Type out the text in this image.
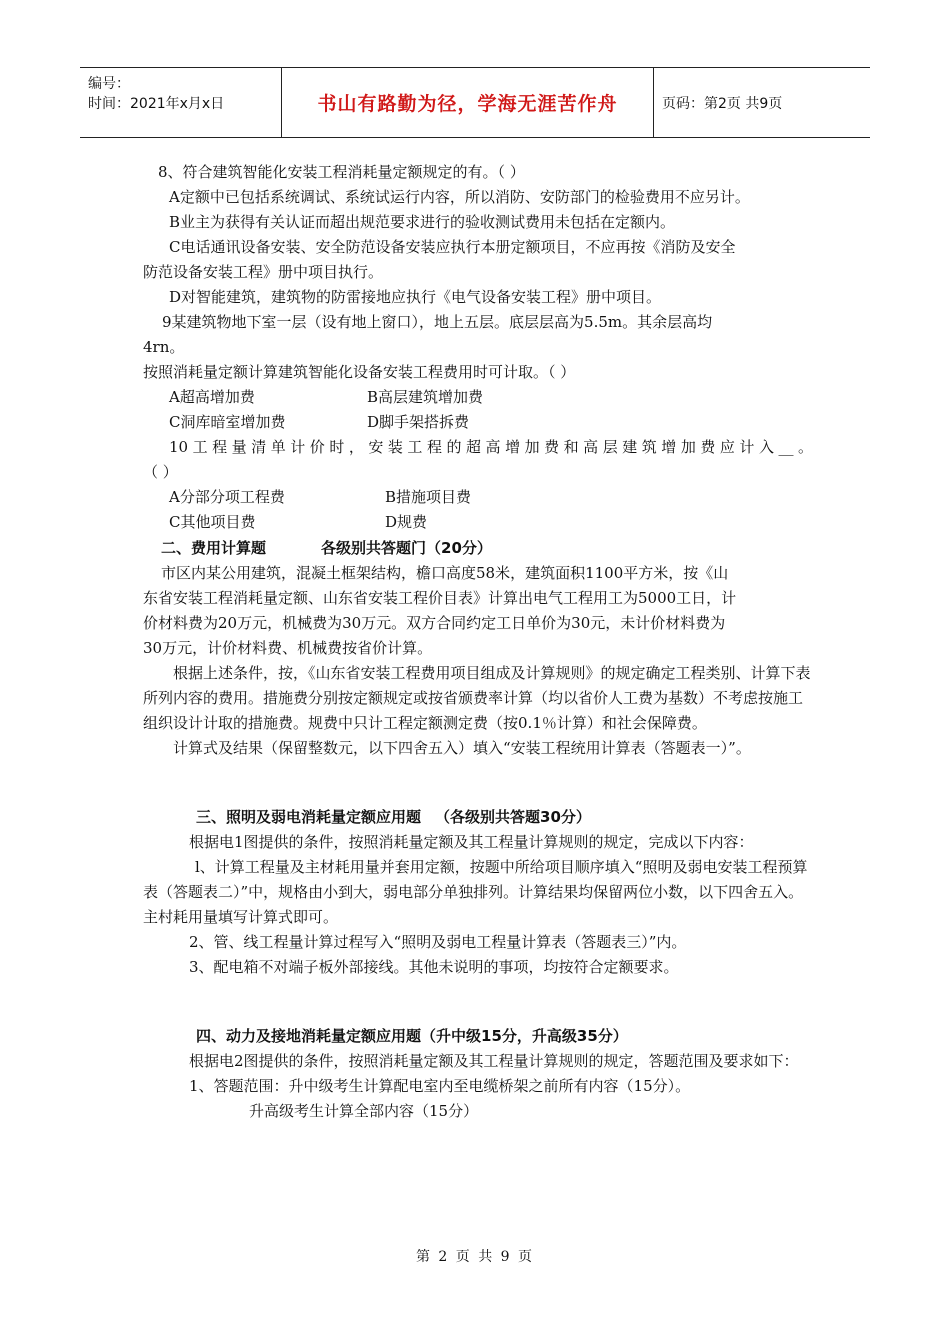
编号：
时间：2021年x月x日	书山有路勤为径，学海无涯苦作舟	页码：第2页 共9页

8、符合建筑智能化安装工程消耗量定额规定的有。（ ）

A定额中已包括系统调试、系统试运行内容，所以消防、安防部门的检验费用不应另计。

B业主为获得有关认证而超出规范要求进行的验收测试费用未包括在定额内。

C电话通讯设备安装、安全防范设备安装应执行本册定额项目，不应再按《消防及安全

防范设备安装工程》册中项目执行。

D对智能建筑，建筑物的防雷接地应执行《电气设备安装工程》册中项目。

9某建筑物地下室一层（设有地上窗口），地上五层。底层层高为5.5m。其余层高均

4rn。

按照消耗量定额计算建筑智能化设备安装工程费用时可计取。（ ）

A超高增加费	B高层建筑增加费
C洞库暗室增加费	D脚手架搭拆费

10工程量清单计价时，安装工程的超高增加费和高层建筑增加费应计入__。

（ ）

A分部分项工程费	B措施项目费
C其他项目费	D规费

二、费用计算题	各级别共答题门（20分）

市区内某公用建筑，混凝土框架结构，檐口高度58米，建筑面积1100平方米，按《山

东省安装工程消耗量定额、山东省安装工程价目表》计算出电气工程用工为5000工日，计

价材料费为20万元，机械费为30万元。双方合同约定工日单价为30元，未计价材料费为

30万元，计价材料费、机械费按省价计算。

根据上述条件，按，《山东省安装工程费用项目组成及计算规则》的规定确定工程类别、计算下表所列内容的费用。措施费分别按定额规定或按省颁费率计算（均以省价人工费为基数）不考虑按施工组织设计计取的措施费。规费中只计工程定额测定费（按0.1％计算）和社会保障费。

计算式及结果（保留整数元，以下四舍五入）填入“安装工程统用计算表（答题表一）”。

三、照明及弱电消耗量定额应用题 （各级别共答题30分）

根据电1图提供的条件，按照消耗量定额及其工程量计算规则的规定，完成以下内容：

l、计算工程量及主材耗用量并套用定额，按题中所给项目顺序填入“照明及弱电安装工程预算表（答题表二）”中，规格由小到大，弱电部分单独排列。计算结果均保留两位小数，以下四舍五入。主村耗用量填写计算式即可。

2、管、线工程量计算过程写入“照明及弱电工程量计算表（答题表三）”内。

3、配电箱不对端子板外部接线。其他未说明的事项，均按符合定额要求。

四、动力及接地消耗量定额应用题（升中级15分，升高级35分）

根据电2图提供的条件，按照消耗量定额及其工程量计算规则的规定，答题范围及要求如下：

1、答题范围：升中级考生计算配电室内至电缆桥架之前所有内容（15分）。

升高级考生计算全部内容（15分）

第 2 页 共 9 页
